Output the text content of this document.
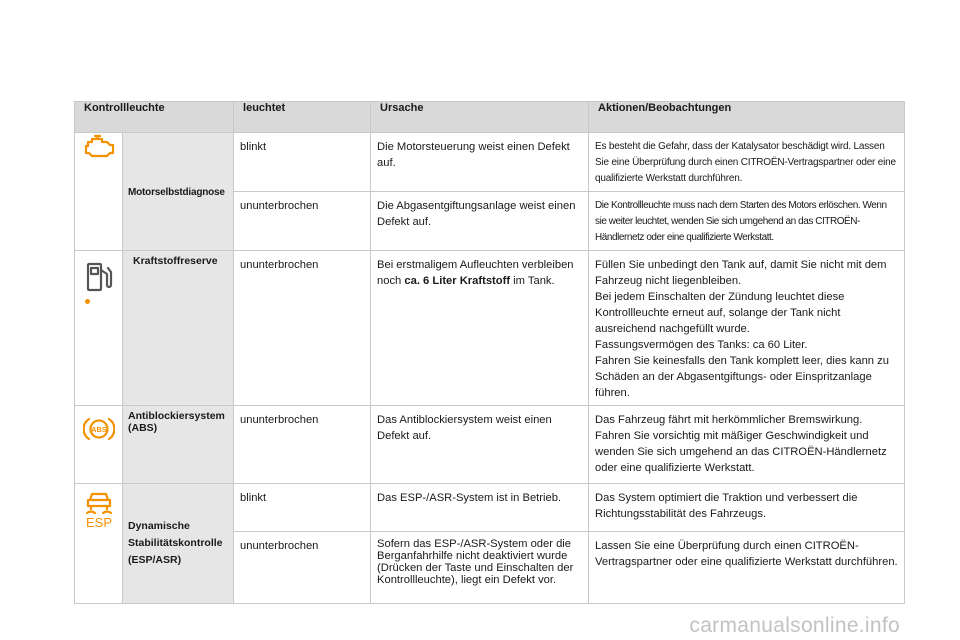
Kontrollleuchte		leuchtet	Ursache	Aktionen/Beobachtungen
	Motorselbstdiagnose	blinkt	Die Motorsteuerung weist einen Defekt auf.	Es besteht die Gefahr, dass der Katalysator beschädigt wird. Lassen Sie eine Überprüfung durch einen CITROËN-Vertragspartner oder eine qualifizierte Werkstatt durchführen.
		ununterbrochen	Die Abgasentgiftungsanlage weist einen Defekt auf.	Die Kontrollleuchte muss nach dem Starten des Motors erlöschen. Wenn sie weiter leuchtet, wenden Sie sich umgehend an das CITROËN-Händlernetz oder eine qualifizierte Werkstatt.

	Kraftstoffreserve	ununterbrochen	Bei erstmaligem Aufleuchten verbleiben noch ca. 6 Liter Kraftstoff im Tank.	Füllen Sie unbedingt den Tank auf, damit Sie nicht mit dem Fahrzeug nicht liegenbleiben.
Bei jedem Einschalten der Zündung leuchtet diese Kontrollleuchte erneut auf, solange der Tank nicht ausreichend nachgefüllt wurde.
Fassungsvermögen des Tanks: ca 60 Liter.
Fahren Sie keinesfalls den Tank komplett leer, dies kann zu Schäden an der Abgasentgiftungs- oder Einspritzanlage führen.

ABS	Antiblockiersystem (ABS)	ununterbrochen	Das Antiblockiersystem weist einen Defekt auf.	Das Fahrzeug fährt mit herkömmlicher Bremswirkung. Fahren Sie vorsichtig mit mäßiger Geschwindigkeit und wenden Sie sich umgehend an das CITROËN-Händlernetz oder eine qualifizierte Werkstatt.

ESP	Dynamische Stabilitätskontrolle (ESP/ASR)	blinkt	Das ESP-/ASR-System ist in Betrieb.	Das System optimiert die Traktion und verbessert die Richtungsstabilität des Fahrzeugs.
		ununterbrochen	Sofern das ESP-/ASR-System oder die Berganfahrhilfe nicht deaktiviert wurde (Drücken der Taste und Einschalten der Kontrollleuchte), liegt ein Defekt vor.	Lassen Sie eine Überprüfung durch einen CITROËN-Vertragspartner oder eine qualifizierte Werkstatt durchführen.
carmanualsonline.info
